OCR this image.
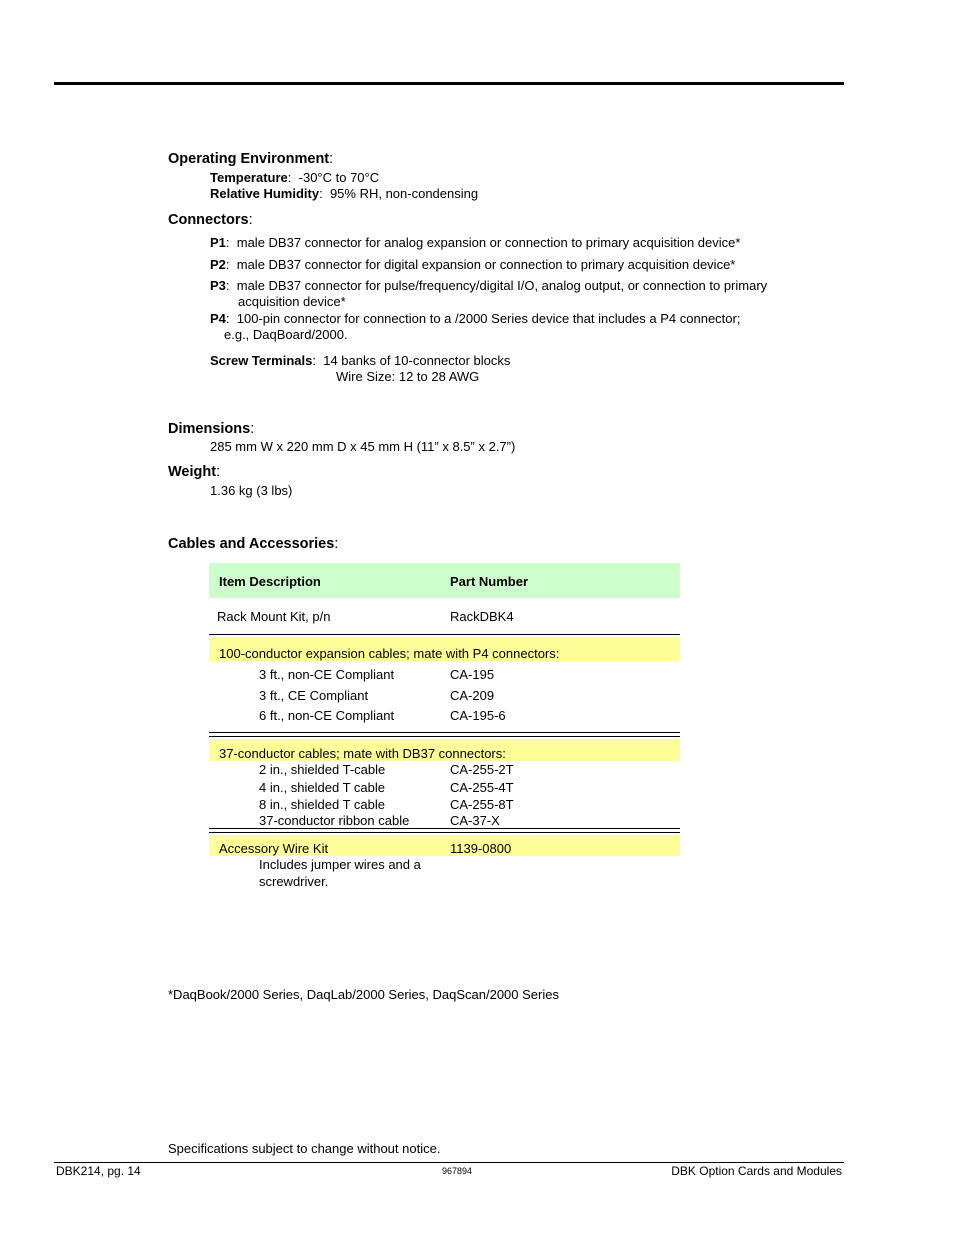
Operating Environment:
Temperature:  -30°C to 70°C
Relative Humidity:  95% RH, non-condensing
Connectors:
P1:  male DB37 connector for analog expansion or connection to primary acquisition device*
P2:  male DB37 connector for digital expansion or connection to primary acquisition device*
P3:  male DB37 connector for pulse/frequency/digital I/O, analog output, or connection to primary
acquisition device*
P4:  100-pin connector for connection to a /2000 Series device that includes a P4 connector;
e.g., DaqBoard/2000.
Screw Terminals:  14 banks of 10-connector blocks
Wire Size: 12 to 28 AWG
Dimensions:
285 mm W x 220 mm D x 45 mm H (11” x 8.5” x 2.7”)
Weight:
1.36 kg (3 lbs)
Cables and Accessories:
Item Description	Part Number
Rack Mount Kit, p/n	RackDBK4
100-conductor expansion cables; mate with P4 connectors:
3 ft., non-CE Compliant	CA-195
3 ft., CE Compliant	CA-209
6 ft., non-CE Compliant	CA-195-6
37-conductor cables; mate with DB37 connectors:
2 in., shielded T-cable	CA-255-2T
4 in., shielded T cable	CA-255-4T
8 in., shielded T cable	CA-255-8T
37-conductor ribbon cable	CA-37-X
Accessory Wire Kit	1139-0800
Includes jumper wires and a
screwdriver.
*DaqBook/2000 Series, DaqLab/2000 Series, DaqScan/2000 Series
Specifications subject to change without notice.
DBK214, pg. 14	967894	DBK Option Cards and Modules
